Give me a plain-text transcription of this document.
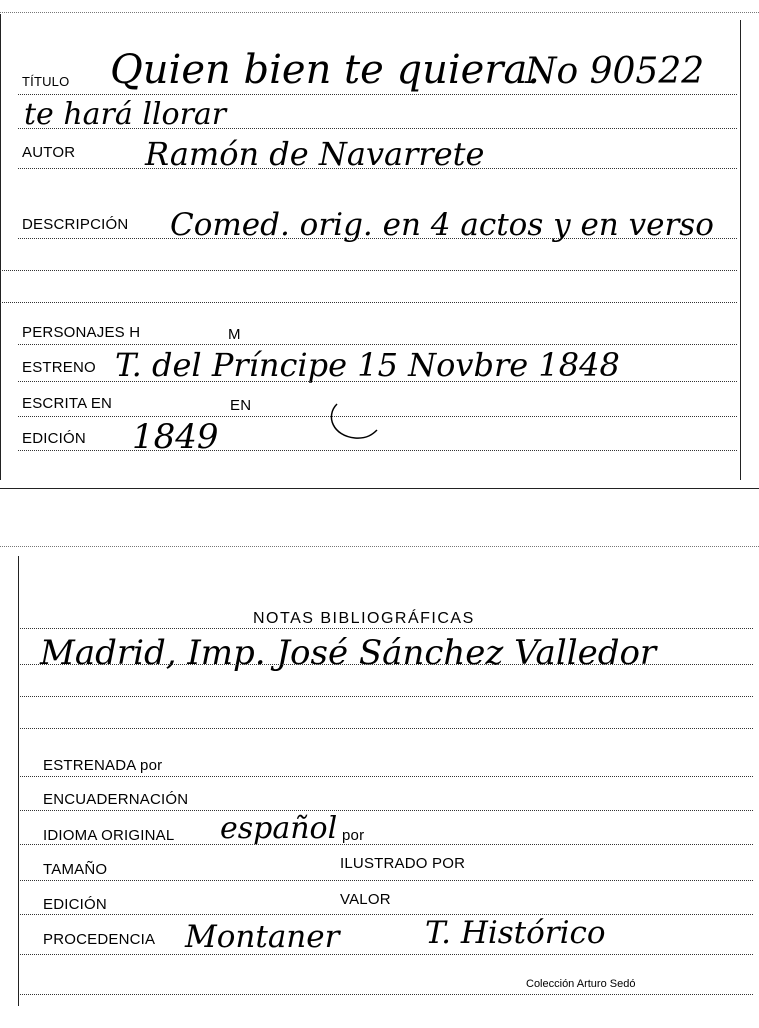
TÍTULO Quien bien te quiera.
No 90522
te hará llorar
AUTOR Ramón de Navarrete
DESCRIPCIÓN Comed. orig. en 4 actos y en verso
PERSONAJES H	M
ESTRENO T. del Príncipe 15 Novbre 1848
ESCRITA EN	EN
EDICIÓN 1849
NOTAS BIBLIOGRÁFICAS
Madrid, Imp. José Sánchez Valledor
ESTRENADA por
ENCUADERNACIÓN
IDIOMA ORIGINAL español por
TAMAÑO	ILUSTRADO POR
EDICIÓN	VALOR
PROCEDENCIA Montaner	T. Histórico
Colección Arturo Sedó
